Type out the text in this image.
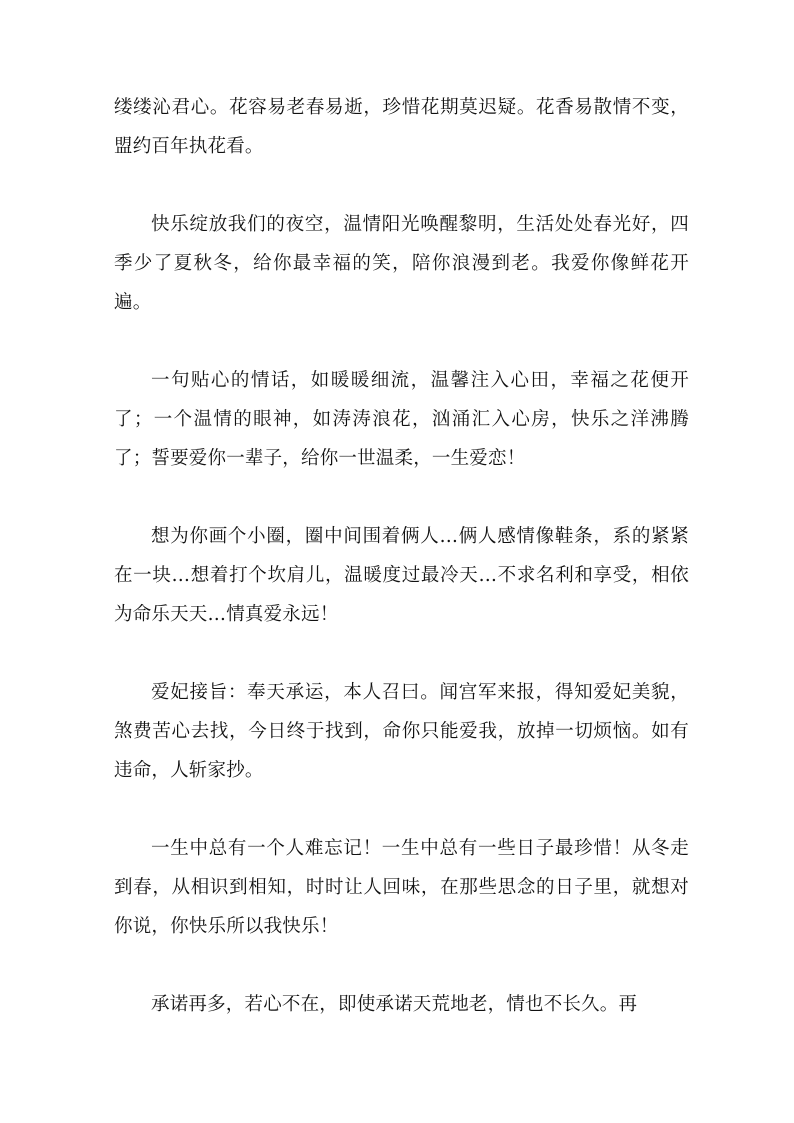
缕缕沁君心。花容易老春易逝，珍惜花期莫迟疑。花香易散情不变，盟约百年执花看。

快乐绽放我们的夜空，温情阳光唤醒黎明，生活处处春光好，四季少了夏秋冬，给你最幸福的笑，陪你浪漫到老。我爱你像鲜花开遍。

一句贴心的情话，如暖暖细流，温馨注入心田，幸福之花便开了；一个温情的眼神，如涛涛浪花，汹涌汇入心房，快乐之洋沸腾了；誓要爱你一辈子，给你一世温柔，一生爱恋！

想为你画个小圈，圈中间围着俩人…俩人感情像鞋条，系的紧紧在一块…想着打个坎肩儿，温暖度过最冷天…不求名利和享受，相依为命乐天天…情真爱永远！

爱妃接旨：奉天承运，本人召曰。闻宫军来报，得知爱妃美貌，煞费苦心去找，今日终于找到，命你只能爱我，放掉一切烦恼。如有违命，人斩家抄。

一生中总有一个人难忘记！一生中总有一些日子最珍惜！从冬走到春，从相识到相知，时时让人回味，在那些思念的日子里，就想对你说，你快乐所以我快乐！

承诺再多，若心不在，即使承诺天荒地老，情也不长久。再
